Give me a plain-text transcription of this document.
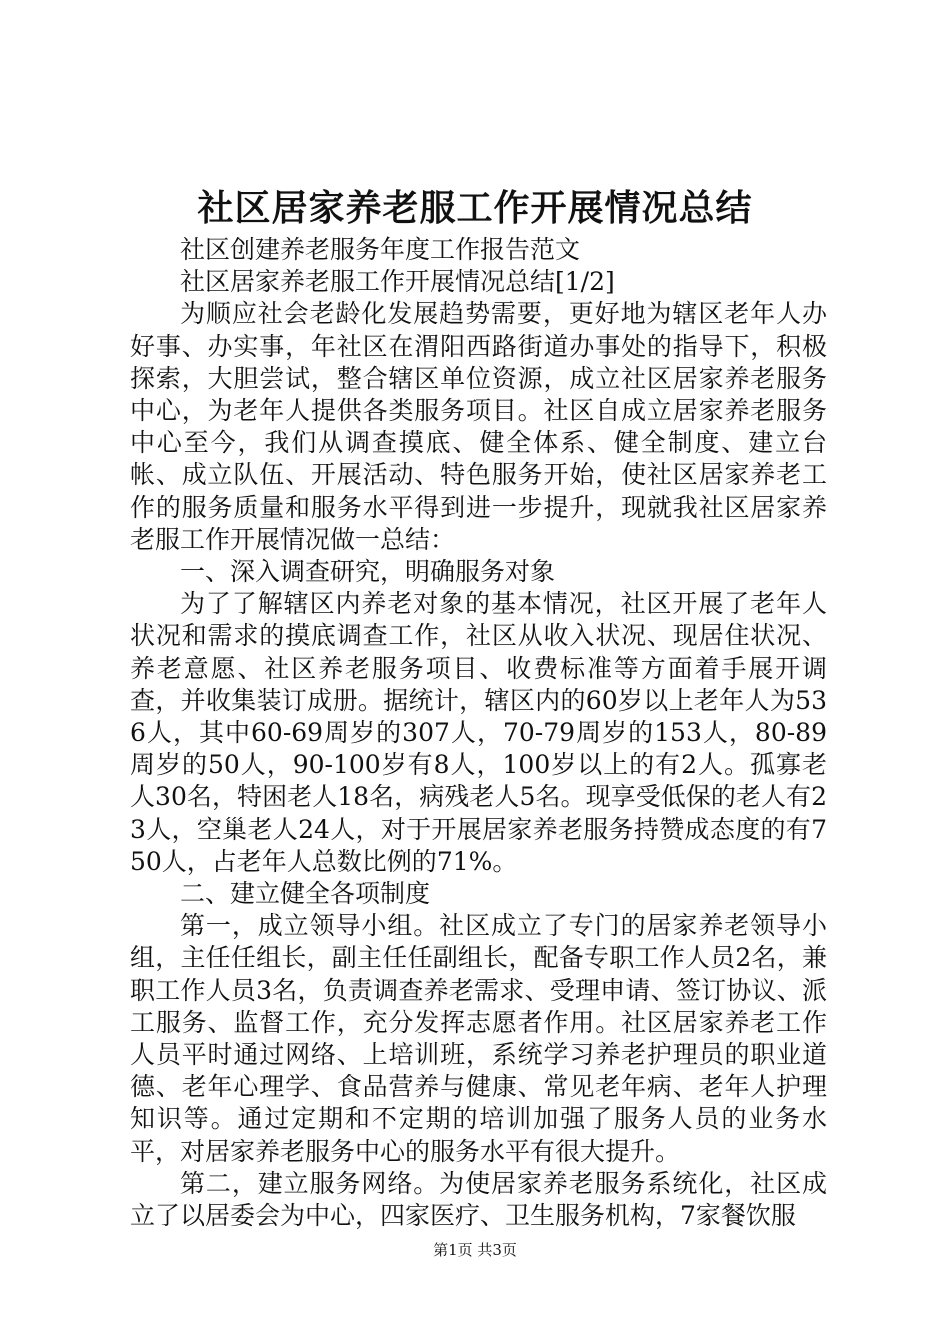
社区居家养老服工作开展情况总结

社区创建养老服务年度工作报告范文

社区居家养老服工作开展情况总结[1/2]

为顺应社会老龄化发展趋势需要，更好地为辖区老年人办好事、办实事，年社区在渭阳西路街道办事处的指导下，积极探索，大胆尝试，整合辖区单位资源，成立社区居家养老服务中心，为老年人提供各类服务项目。社区自成立居家养老服务中心至今，我们从调查摸底、健全体系、健全制度、建立台帐、成立队伍、开展活动、特色服务开始，使社区居家养老工作的服务质量和服务水平得到进一步提升，现就我社区居家养老服工作开展情况做一总结：

一、深入调查研究，明确服务对象

为了了解辖区内养老对象的基本情况，社区开展了老年人状况和需求的摸底调查工作，社区从收入状况、现居住状况、养老意愿、社区养老服务项目、收费标准等方面着手展开调查，并收集装订成册。据统计，辖区内的60岁以上老年人为536人，其中60-69周岁的307人，70-79周岁的153人，80-89周岁的50人，90-100岁有8人，100岁以上的有2人。孤寡老人30名，特困老人18名，病残老人5名。现享受低保的老人有23人，空巢老人24人，对于开展居家养老服务持赞成态度的有750人，占老年人总数比例的71%。

二、建立健全各项制度

第一，成立领导小组。社区成立了专门的居家养老领导小组，主任任组长，副主任任副组长，配备专职工作人员2名，兼职工作人员3名，负责调查养老需求、受理申请、签订协议、派工服务、监督工作，充分发挥志愿者作用。社区居家养老工作人员平时通过网络、上培训班，系统学习养老护理员的职业道德、老年心理学、食品营养与健康、常见老年病、老年人护理知识等。通过定期和不定期的培训加强了服务人员的业务水平，对居家养老服务中心的服务水平有很大提升。

第二，建立服务网络。为使居家养老服务系统化，社区成立了以居委会为中心，四家医疗、卫生服务机构，7家餐饮服

第1页 共3页
